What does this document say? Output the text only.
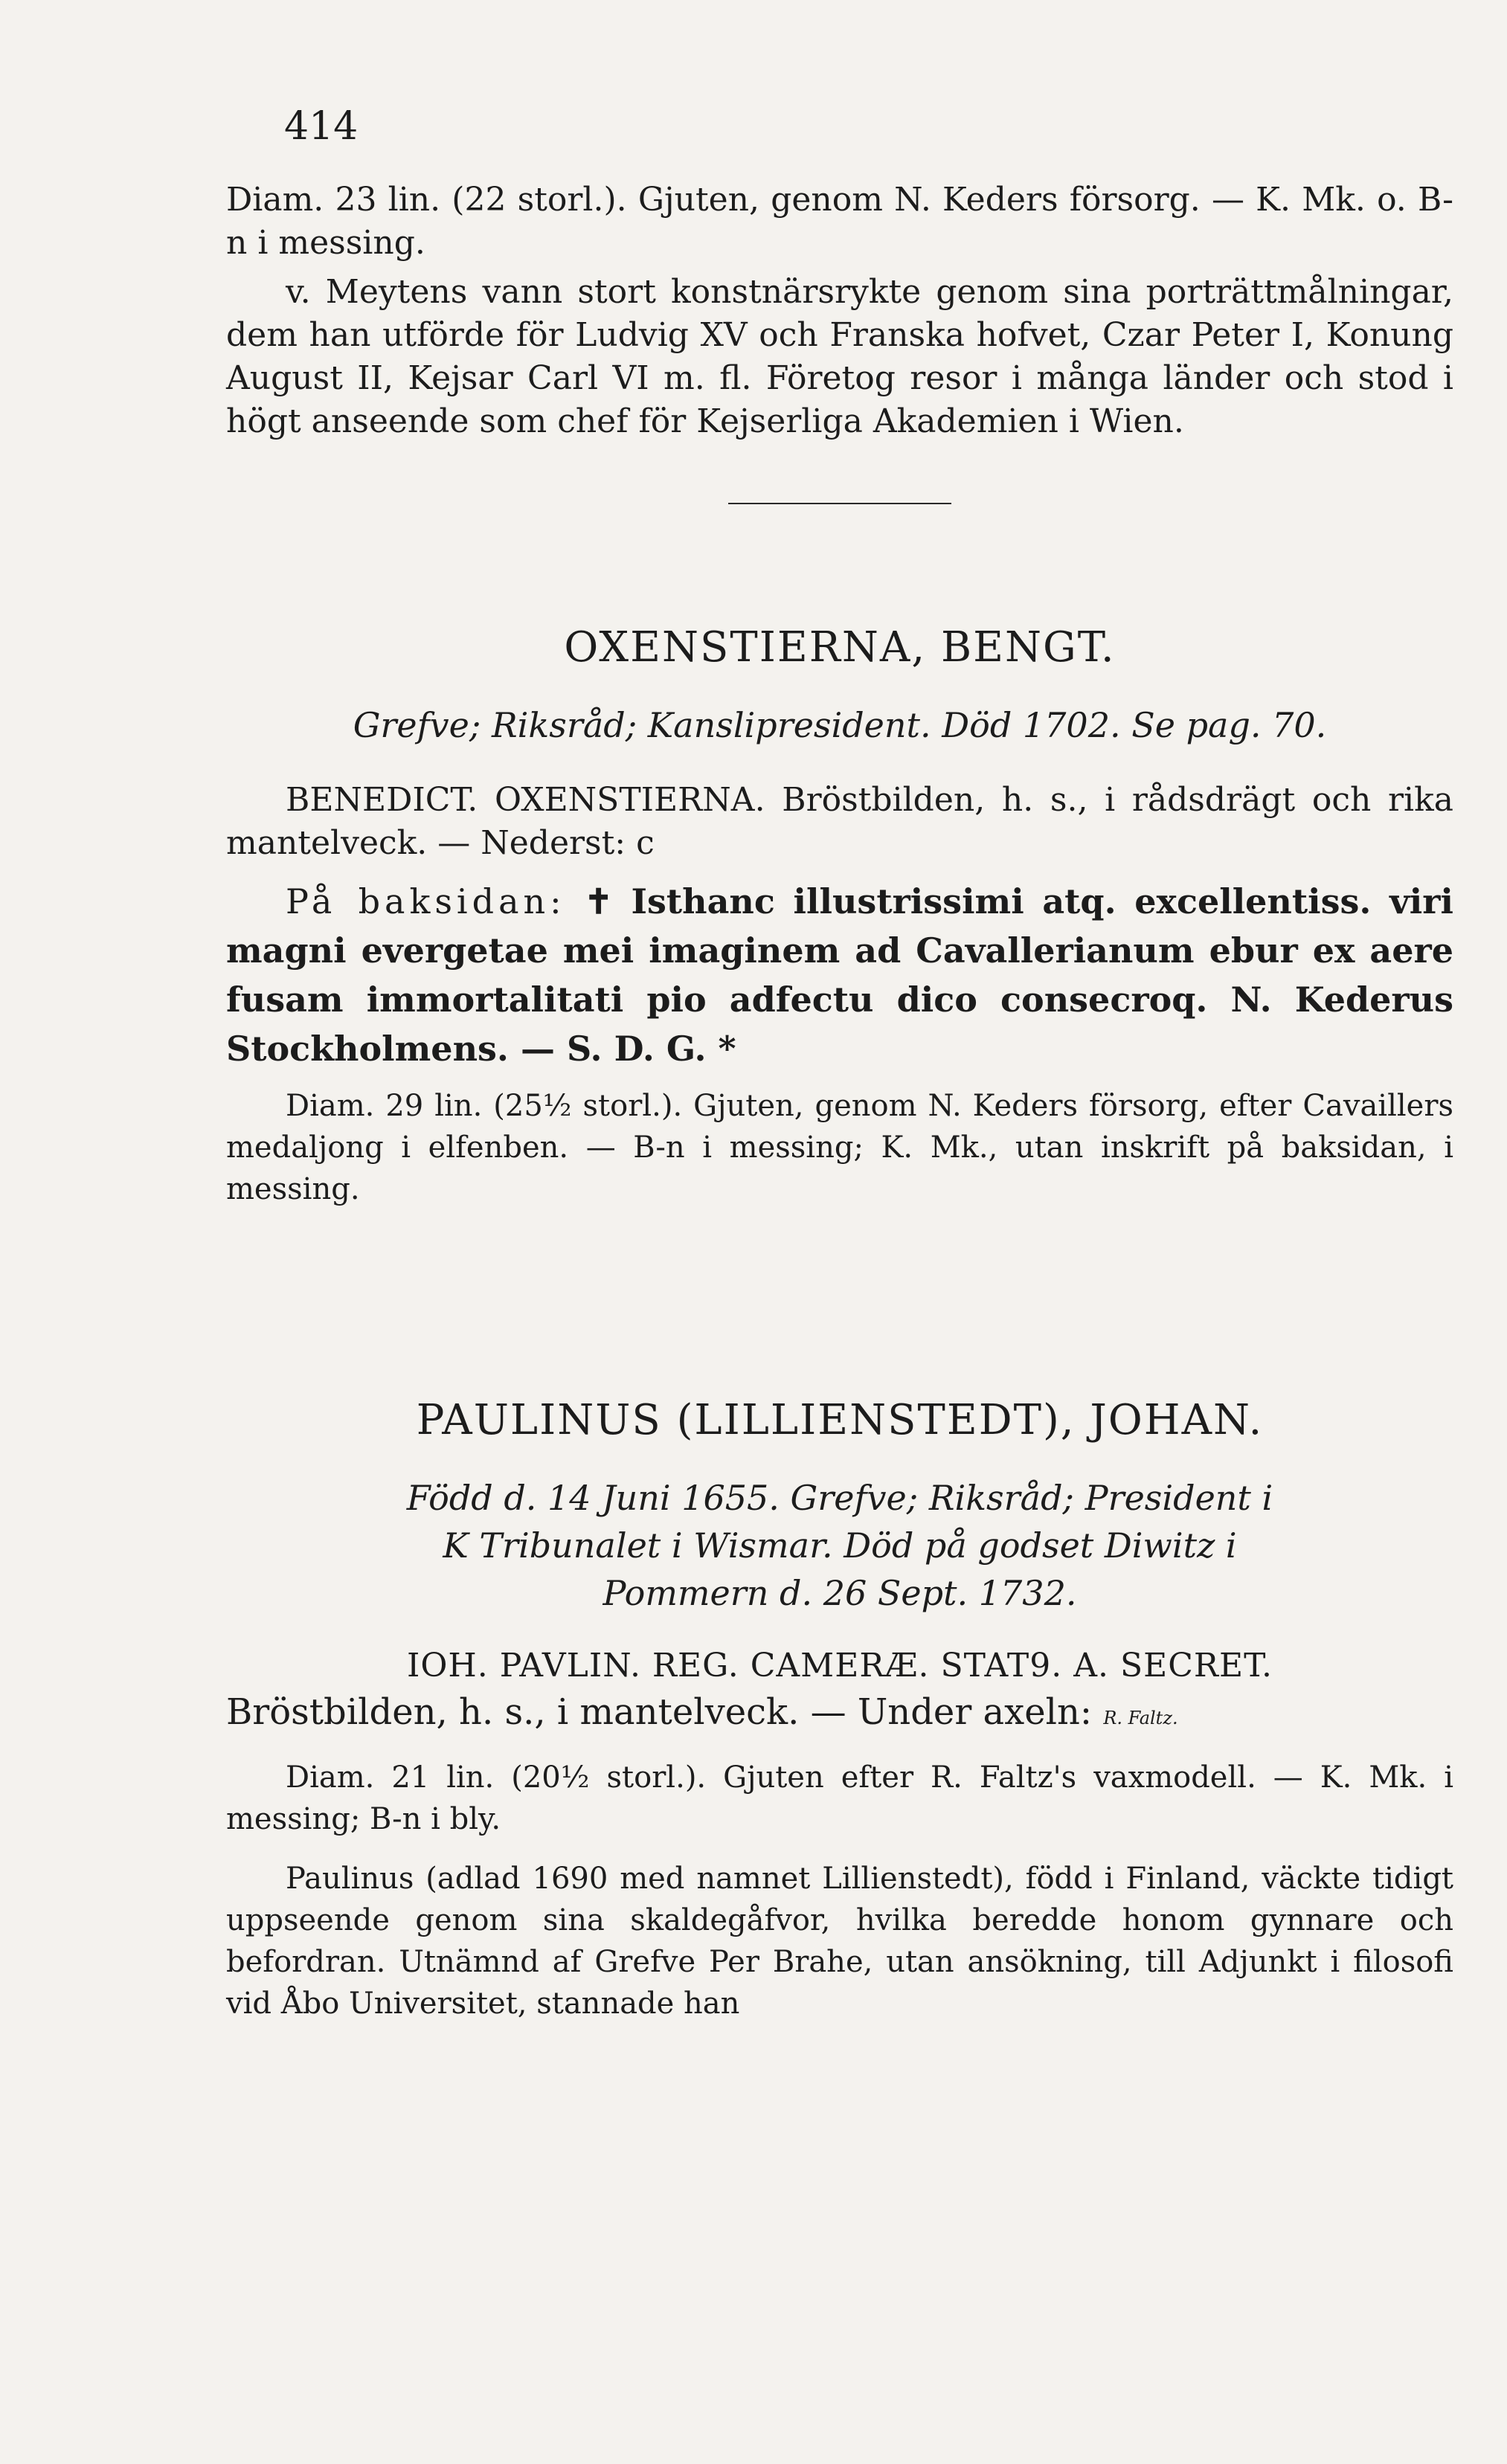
414

Diam. 23 lin. (22 storl.). Gjuten, genom N. Keders försorg. — K. Mk. o. B-n i messing.

v. Meytens vann stort konstnärsrykte genom sina porträttmålningar, dem han utförde för Ludvig XV och Franska hofvet, Czar Peter I, Konung August II, Kejsar Carl VI m. fl. Företog resor i många länder och stod i högt anseende som chef för Kejserliga Akademien i Wien.

OXENSTIERNA, BENGT.

Grefve; Riksråd; Kanslipresident. Död 1702. Se pag. 70.

BENEDICT. OXENSTIERNA. Bröstbilden, h. s., i rådsdrägt och rika mantelveck. — Nederst: c

På baksidan: ✝ Isthanc illustrissimi atq. excellentiss. viri magni evergetae mei imaginem ad Cavallerianum ebur ex aere fusam immortalitati pio adfectu dico consecroq. N. Kederus Stockholmens. — S. D. G. *

Diam. 29 lin. (25½ storl.). Gjuten, genom N. Keders försorg, efter Cavaillers medaljong i elfenben. — B-n i messing; K. Mk., utan inskrift på baksidan, i messing.

PAULINUS (LILLIENSTEDT), JOHAN.

Född d. 14 Juni 1655. Grefve; Riksråd; President i

K Tribunalet i Wismar. Död på godset Diwitz i

Pommern d. 26 Sept. 1732.

IOH. PAVLIN. REG. CAMERÆ. STAT9. A. SECRET.

Bröstbilden, h. s., i mantelveck. — Under axeln: R. Faltz.

Diam. 21 lin. (20½ storl.). Gjuten efter R. Faltz's vaxmodell. — K. Mk. i messing; B-n i bly.

Paulinus (adlad 1690 med namnet Lillienstedt), född i Finland, väckte tidigt uppseende genom sina skaldegåfvor, hvilka beredde honom gynnare och befordran. Utnämnd af Grefve Per Brahe, utan ansökning, till Adjunkt i filosofi vid Åbo Universitet, stannade han
